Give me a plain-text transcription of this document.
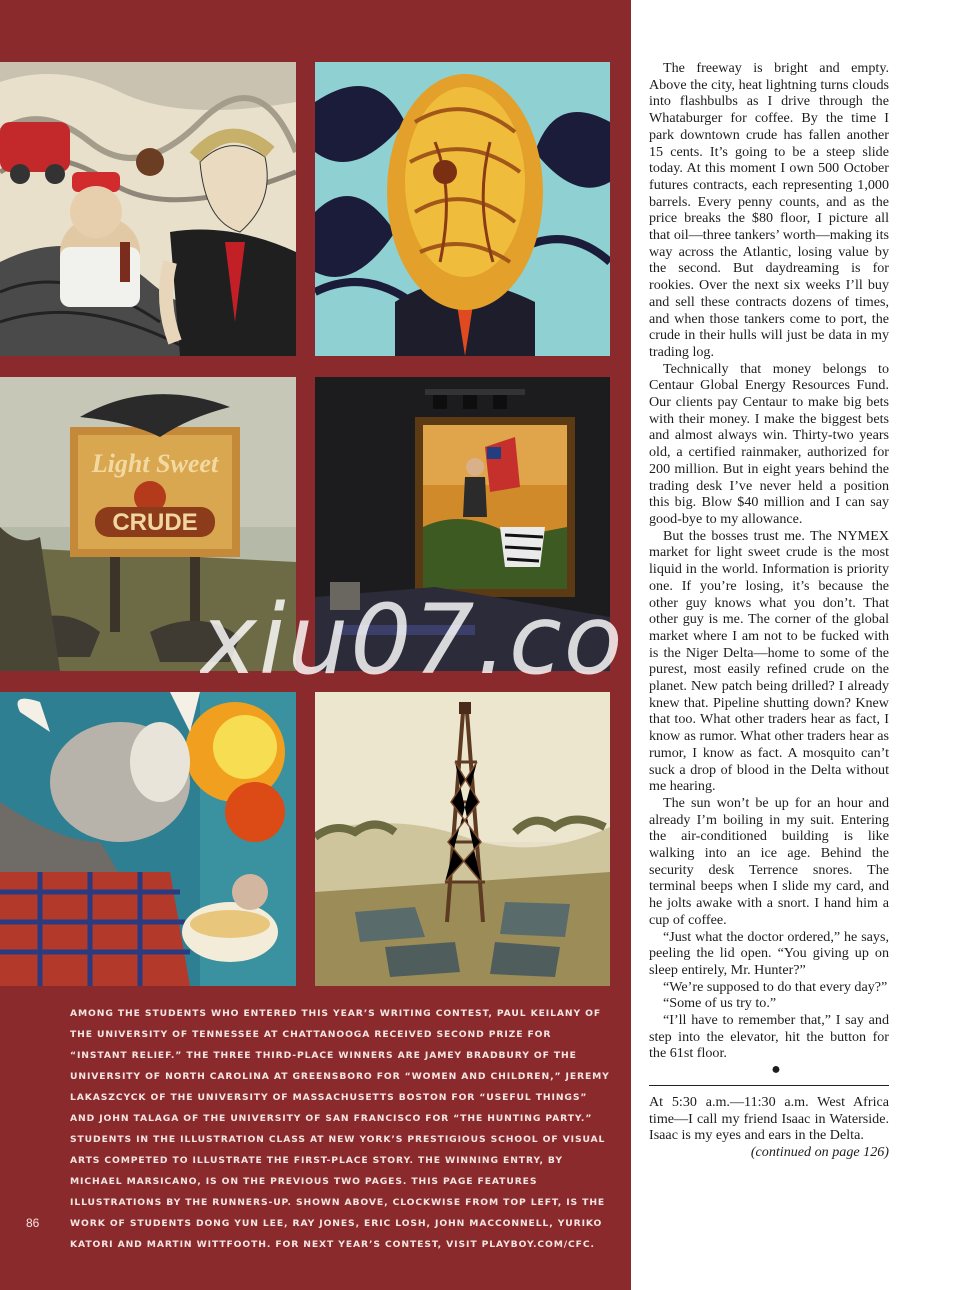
Light Sweet
CRUDE
AMONG THE STUDENTS WHO ENTERED THIS YEAR’S WRITING CONTEST, PAUL KEILANY OF THE UNIVERSITY OF TENNESSEE AT CHATTANOOGA RECEIVED SECOND PRIZE FOR “INSTANT RELIEF.” THE THREE THIRD-PLACE WINNERS ARE JAMEY BRADBURY OF THE UNIVERSITY OF NORTH CAROLINA AT GREENSBORO FOR “WOMEN AND CHILDREN,” JEREMY LAKASZCYCK OF THE UNIVERSITY OF MASSACHUSETTS BOSTON FOR “USEFUL THINGS” AND JOHN TALAGA OF THE UNIVERSITY OF SAN FRANCISCO FOR “THE HUNTING PARTY.” STUDENTS IN THE ILLUSTRATION CLASS AT NEW YORK’S PRESTIGIOUS SCHOOL OF VISUAL ARTS COMPETED TO ILLUSTRATE THE FIRST-PLACE STORY. THE WINNING ENTRY, BY MICHAEL MARSICANO, IS ON THE PREVIOUS TWO PAGES. THIS PAGE FEATURES ILLUSTRATIONS BY THE RUNNERS-UP. SHOWN ABOVE, CLOCKWISE FROM TOP LEFT, IS THE WORK OF STUDENTS DONG YUN LEE, RAY JONES, ERIC LOSH, JOHN MACCONNELL, YURIKO KATORI AND MARTIN WITTFOOTH. FOR NEXT YEAR’S CONTEST, VISIT PLAYBOY.COM/CFC.
86

The freeway is bright and empty. Above the city, heat lightning turns clouds into flashbulbs as I drive through the Whataburger for coffee. By the time I park downtown crude has fallen another 15 cents. It’s going to be a steep slide today. At this moment I own 500 October futures contracts, each representing 1,000 barrels. Every penny counts, and as the price breaks the $80 floor, I picture all that oil—three tankers’ worth—making its way across the Atlantic, losing value by the second. But daydreaming is for rookies. Over the next six weeks I’ll buy and sell these contracts dozens of times, and when those tankers come to port, the crude in their hulls will just be data in my trading log.

Technically that money belongs to Centaur Global Energy Resources Fund. Our clients pay Centaur to make big bets with their money. I make the biggest bets and almost always win. Thirty-two years old, a certified rainmaker, authorized for 200 million. But in eight years behind the trading desk I’ve never held a position this big. Blow $40 million and I can say good-bye to my allowance.

But the bosses trust me. The NYMEX market for light sweet crude is the most liquid in the world. Information is priority one. If you’re losing, it’s because the other guy knows what you don’t. That other guy is me. The corner of the global market where I am not to be fucked with is the Niger Delta—home to some of the purest, most easily refined crude on the planet. New patch being drilled? I already knew that. Pipeline shutting down? Knew that too. What other traders hear as fact, I know as rumor. What other traders hear as rumor, I know as fact. A mosquito can’t suck a drop of blood in the Delta without me hearing.

The sun won’t be up for an hour and already I’m boiling in my suit. Entering the air-conditioned building is like walking into an ice age. Behind the security desk Terrence snores. The terminal beeps when I slide my card, and he jolts awake with a snort. I hand him a cup of coffee.

“Just what the doctor ordered,” he says, peeling the lid open. “You giving up on sleep entirely, Mr. Hunter?”

“We’re supposed to do that every day?”

“Some of us try to.”

“I’ll have to remember that,” I say and step into the elevator, hit the button for the 61st floor.

●

At 5:30 a.m.—11:30 a.m. West Africa time—I call my friend Isaac in Waterside. Isaac is my eyes and ears in the Delta.

(continued on page 126)

xiu07.co
